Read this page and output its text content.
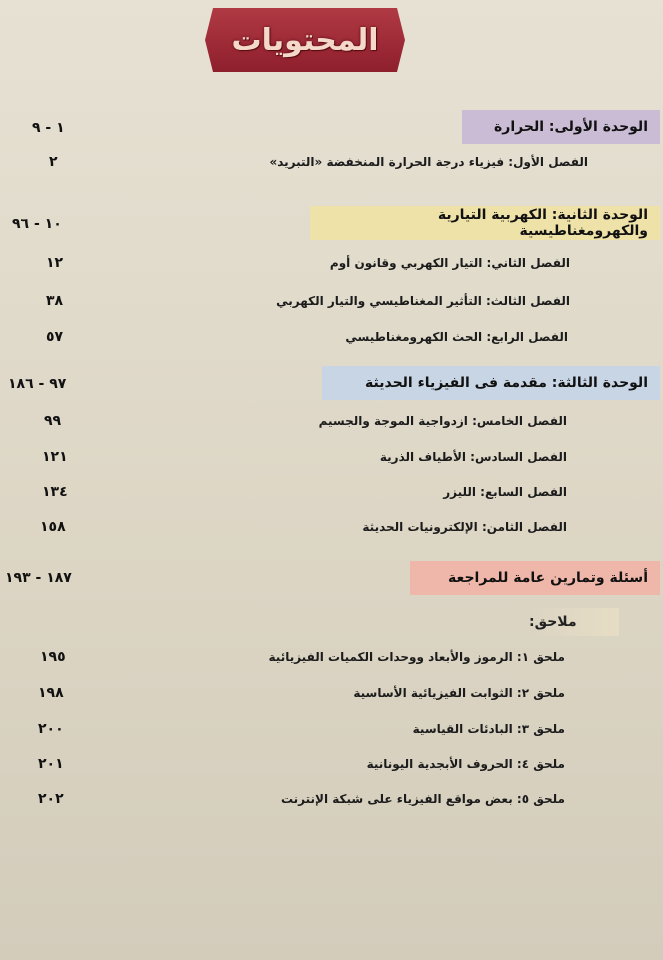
المحتويات
الوحدة الأولى: الحرارة
١ - ٩
الفصل الأول: فيزياء درجة الحرارة المنخفضة «التبريد»
٢
الوحدة الثانية: الكهربية التيارية والكهرومغناطيسية
١٠ - ٩٦
الفصل الثاني: التيار الكهربي وقانون أوم
١٢
الفصل الثالث: التأثير المغناطيسي والتيار الكهربي
٣٨
الفصل الرابع: الحث الكهرومغناطيسي
٥٧
الوحدة الثالثة: مقدمة فى الفيزياء الحديثة
٩٧ - ١٨٦
الفصل الخامس: ازدواجية الموجة والجسيم
٩٩
الفصل السادس: الأطياف الذرية
١٢١
الفصل السابع: الليزر
١٣٤
الفصل الثامن: الإلكترونيات الحديثة
١٥٨
أسئلة وتمارين عامة للمراجعة
١٨٧ - ١٩٣
ملاحق:
ملحق ١: الرموز والأبعاد ووحدات الكميات الفيزيائية
١٩٥
ملحق ٢: الثوابت الفيزيائية الأساسية
١٩٨
ملحق ٣: البادئات القياسية
٢٠٠
ملحق ٤: الحروف الأبجدية اليونانية
٢٠١
ملحق ٥: بعض مواقع الفيزياء على شبكة الإنترنت
٢٠٢
